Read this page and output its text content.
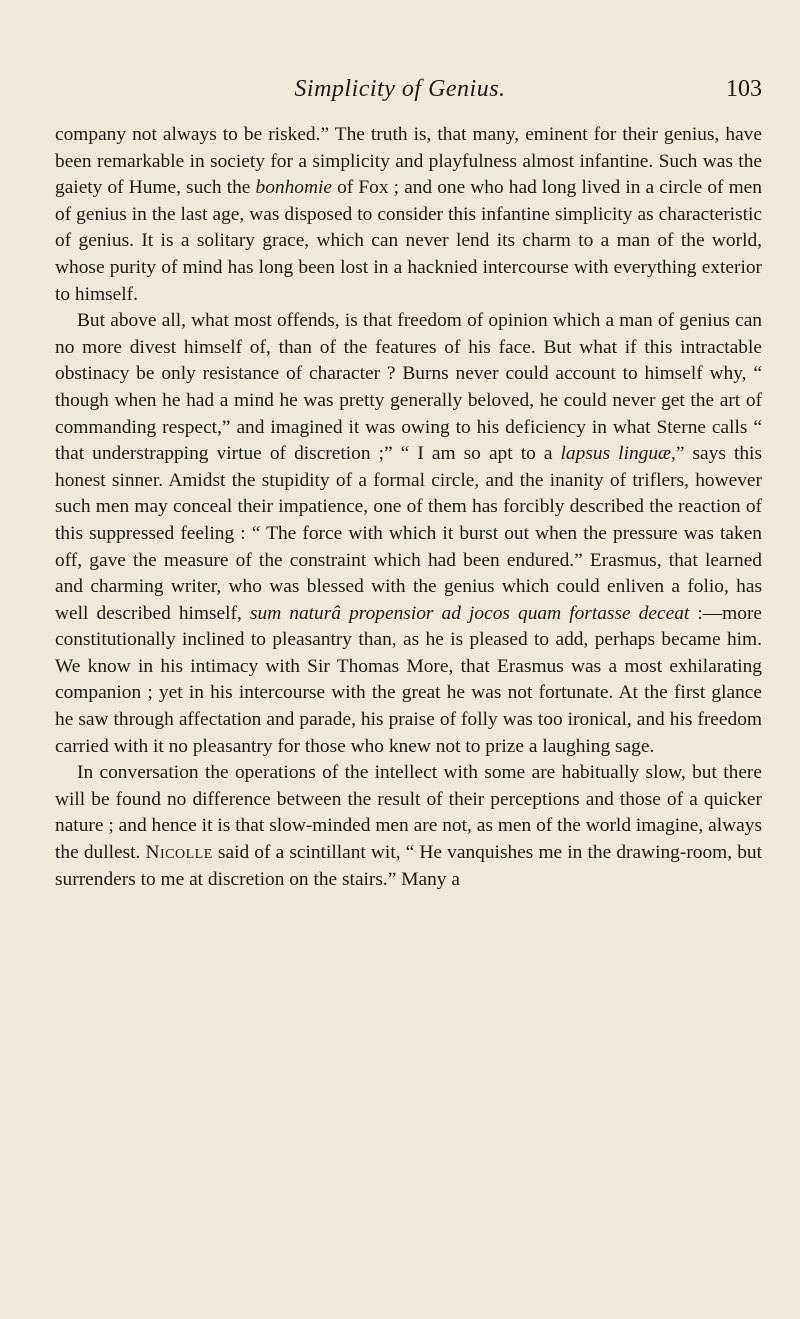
Simplicity of Genius.	103

company not always to be risked.” The truth is, that many, eminent for their genius, have been remarkable in society for a simplicity and playfulness almost infantine. Such was the gaiety of Hume, such the bonhomie of Fox ; and one who had long lived in a circle of men of genius in the last age, was disposed to consider this infantine simplicity as characteristic of genius. It is a solitary grace, which can never lend its charm to a man of the world, whose purity of mind has long been lost in a hacknied intercourse with everything exterior to himself.

But above all, what most offends, is that freedom of opinion which a man of genius can no more divest himself of, than of the features of his face. But what if this intractable obstinacy be only resistance of character ? Burns never could account to himself why, “ though when he had a mind he was pretty generally beloved, he could never get the art of commanding respect,” and imagined it was owing to his deficiency in what Sterne calls “ that understrapping virtue of discretion ;” “ I am so apt to a lapsus linguæ,” says this honest sinner. Amidst the stupidity of a formal circle, and the inanity of triflers, however such men may conceal their impatience, one of them has forcibly described the reaction of this suppressed feeling : “ The force with which it burst out when the pressure was taken off, gave the measure of the constraint which had been endured.” Erasmus, that learned and charming writer, who was blessed with the genius which could enliven a folio, has well described himself, sum naturâ propensior ad jocos quam fortasse deceat :—more constitutionally inclined to pleasantry than, as he is pleased to add, perhaps became him. We know in his intimacy with Sir Thomas More, that Erasmus was a most exhilarating companion ; yet in his intercourse with the great he was not fortunate. At the first glance he saw through affectation and parade, his praise of folly was too ironical, and his freedom carried with it no pleasantry for those who knew not to prize a laughing sage.

In conversation the operations of the intellect with some are habitually slow, but there will be found no difference between the result of their perceptions and those of a quicker nature ; and hence it is that slow-minded men are not, as men of the world imagine, always the dullest. Nicolle said of a scintillant wit, “ He vanquishes me in the drawing-room, but surrenders to me at discretion on the stairs.” Many a
